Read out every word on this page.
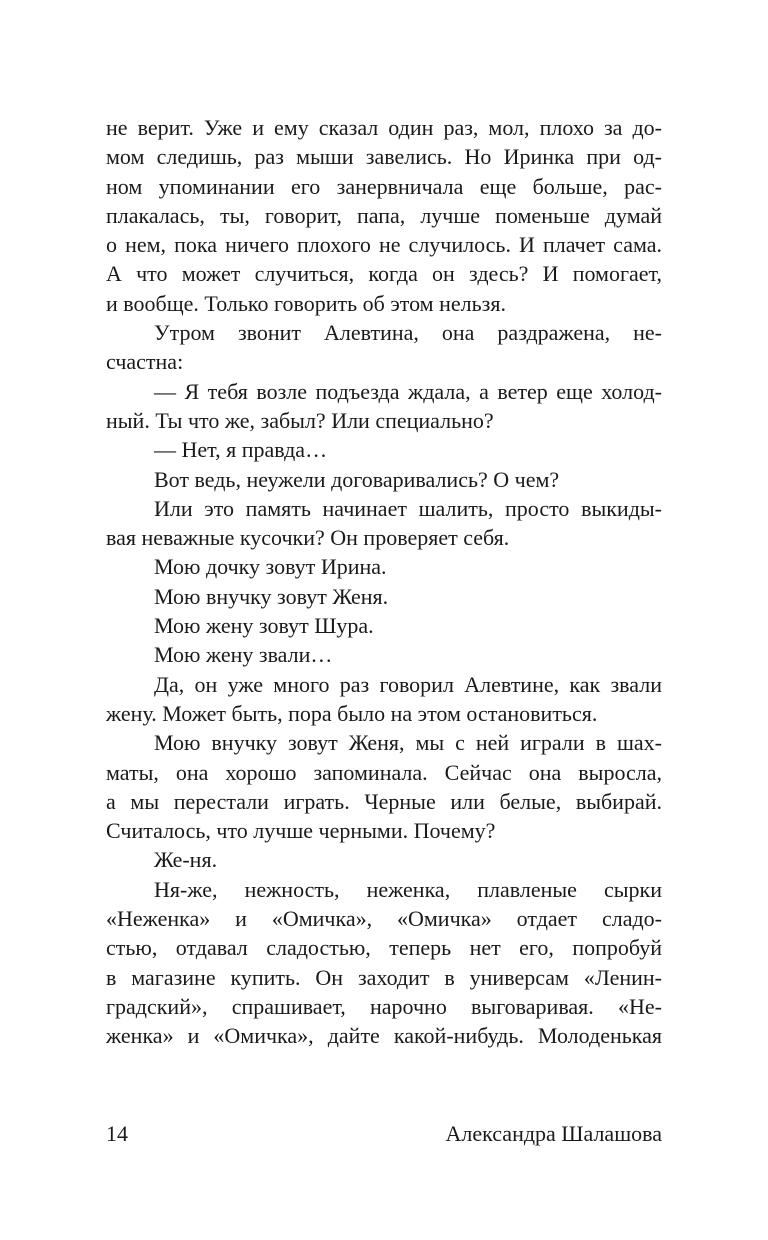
не верит. Уже и ему сказал один раз, мол, плохо за до-
мом следишь, раз мыши завелись. Но Иринка при од-
ном упоминании его занервничала еще больше, рас-
плакалась, ты, говорит, папа, лучше поменьше думай
о нем, пока ничего плохого не случилось. И плачет сама.
А что может случиться, когда он здесь? И помогает,
и вообще. Только говорить об этом нельзя.
Утром звонит Алевтина, она раздражена, не-
счастна:
— Я тебя возле подъезда ждала, а ветер еще холод-
ный. Ты что же, забыл? Или специально?
— Нет, я правда…
Вот ведь, неужели договаривались? О чем?
Или это память начинает шалить, просто выкиды-
вая неважные кусочки? Он проверяет себя.
Мою дочку зовут Ирина.
Мою внучку зовут Женя.
Мою жену зовут Шура.
Мою жену звали…
Да, он уже много раз говорил Алевтине, как звали
жену. Может быть, пора было на этом остановиться.
Мою внучку зовут Женя, мы с ней играли в шах-
маты, она хорошо запоминала. Сейчас она выросла,
а мы перестали играть. Черные или белые, выбирай.
Считалось, что лучше черными. Почему?
Же-ня.
Ня-же, нежность, неженка, плавленые сырки
«Неженка» и «Омичка», «Омичка» отдает сладо-
стью, отдавал сладостью, теперь нет его, попробуй
в магазине купить. Он заходит в универсам «Ленин-
градский», спрашивает, нарочно выговаривая. «Не-
женка» и «Омичка», дайте какой-нибудь. Молоденькая
14	Александра Шалашова
